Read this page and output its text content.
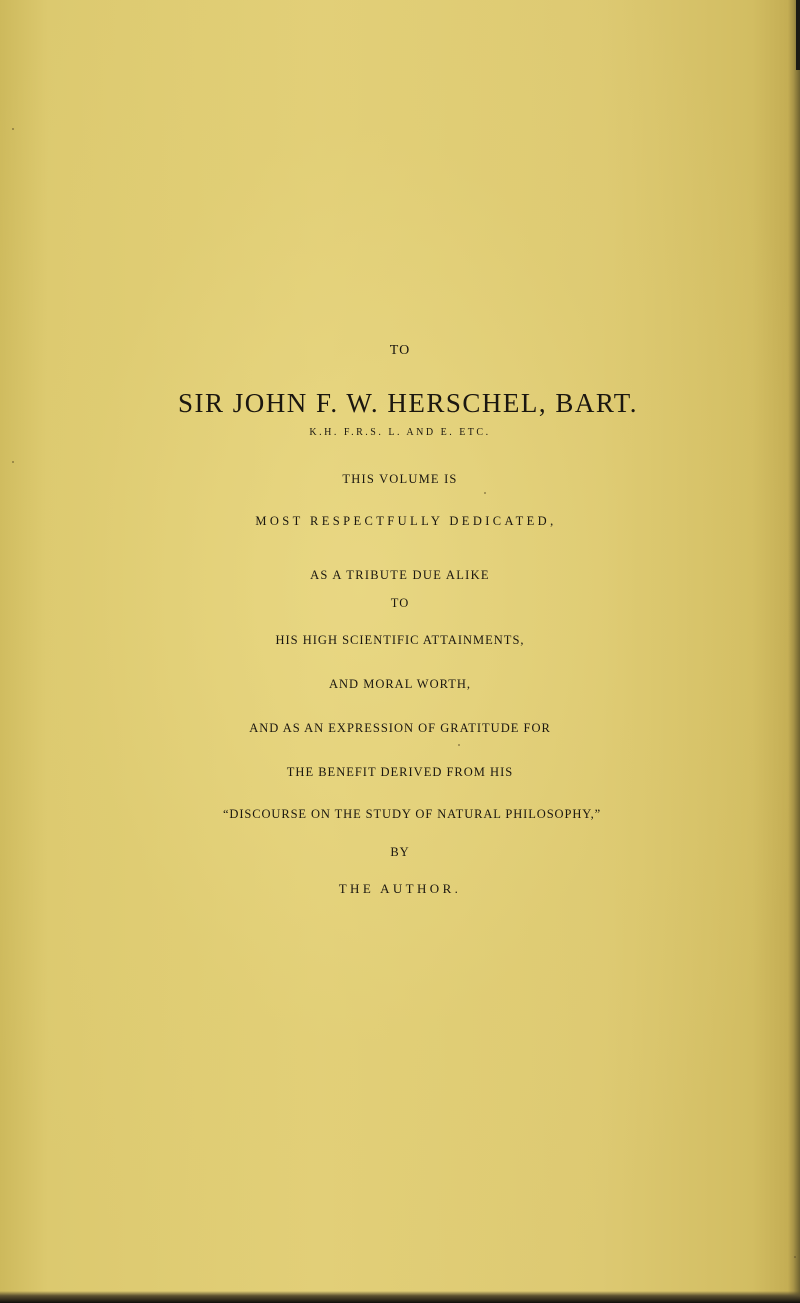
TO
SIR JOHN F. W. HERSCHEL, BART.
K.H. F.R.S. L. AND E. ETC.
THIS VOLUME IS
MOST RESPECTFULLY DEDICATED,
AS A TRIBUTE DUE ALIKE
TO
HIS HIGH SCIENTIFIC ATTAINMENTS,
AND MORAL WORTH,
AND AS AN EXPRESSION OF GRATITUDE FOR
THE BENEFIT DERIVED FROM HIS
“DISCOURSE ON THE STUDY OF NATURAL PHILOSOPHY,”
BY
THE AUTHOR.
